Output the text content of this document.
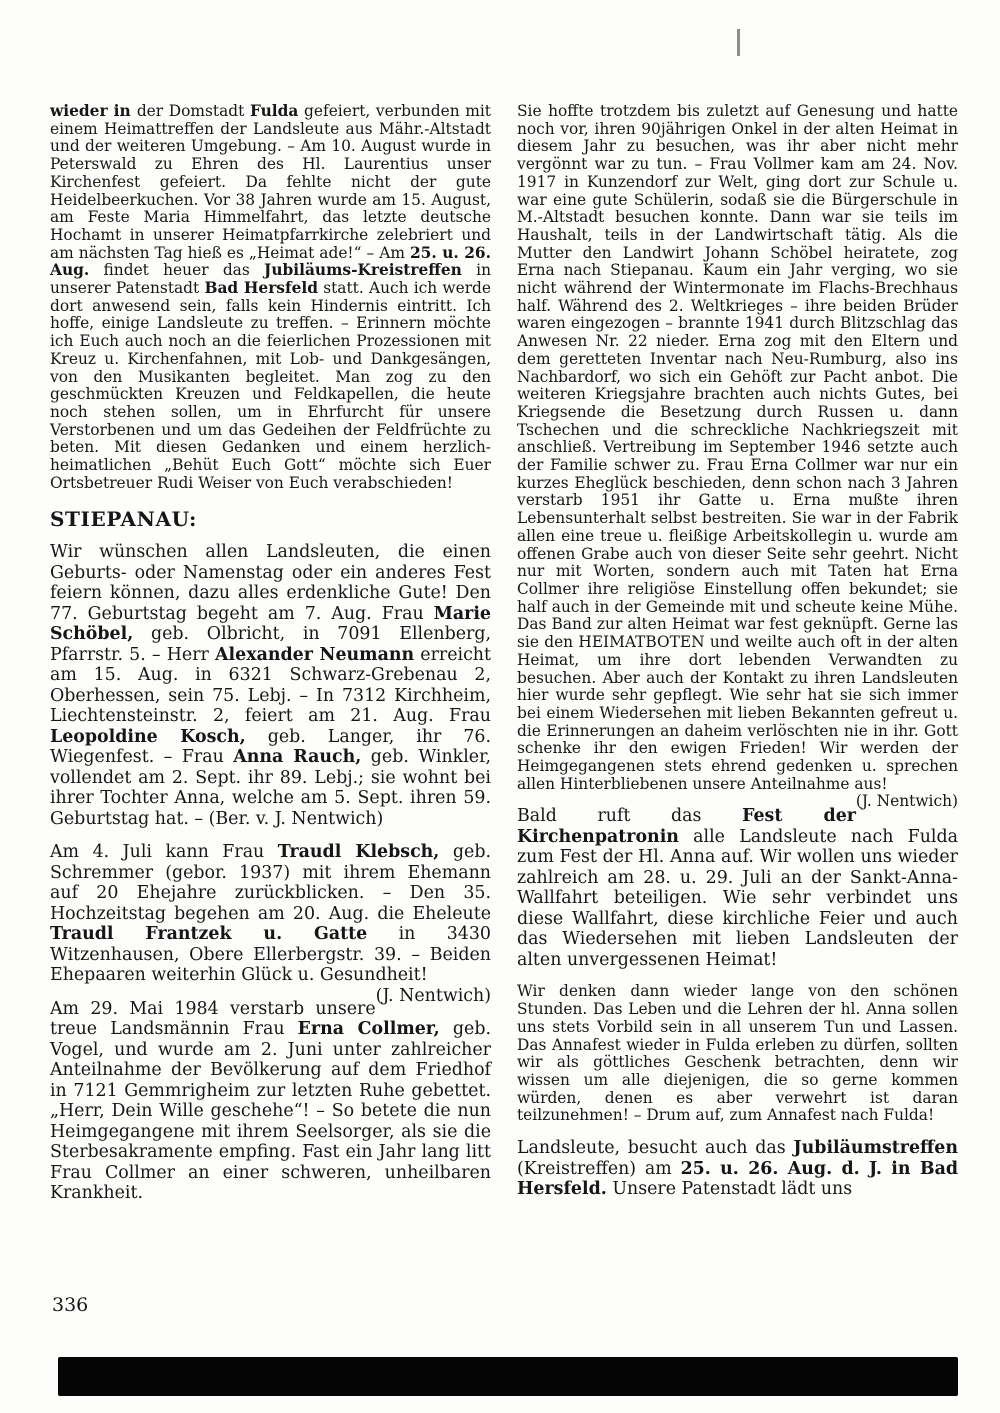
wieder in der Domstadt Fulda gefeiert, verbunden mit einem Heimattreffen der Landsleute aus Mähr.-Altstadt und der weiteren Umgebung. – Am 10. August wurde in Peterswald zu Ehren des Hl. Laurentius unser Kirchenfest gefeiert. Da fehlte nicht der gute Heidelbeerkuchen. Vor 38 Jahren wurde am 15. August, am Feste Maria Himmelfahrt, das letzte deutsche Hochamt in unserer Heimatpfarrkirche zelebriert und am nächsten Tag hieß es „Heimat ade!“ – Am 25. u. 26. Aug. findet heuer das Jubiläums-Kreistreffen in unserer Patenstadt Bad Hersfeld statt. Auch ich werde dort anwesend sein, falls kein Hindernis eintritt. Ich hoffe, einige Landsleute zu treffen. – Erinnern möchte ich Euch auch noch an die feierlichen Prozessionen mit Kreuz u. Kirchenfahnen, mit Lob- und Dankgesängen, von den Musikanten begleitet. Man zog zu den geschmückten Kreuzen und Feldkapellen, die heute noch stehen sollen, um in Ehrfurcht für unsere Verstorbenen und um das Gedeihen der Feldfrüchte zu beten. Mit diesen Gedanken und einem herzlich-heimatlichen „Behüt Euch Gott“ möchte sich Euer Ortsbetreuer Rudi Weiser von Euch verabschieden!

STIEPANAU:

Wir wünschen allen Landsleuten, die einen Geburts- oder Namenstag oder ein anderes Fest feiern können, dazu alles erdenkliche Gute! Den 77. Geburtstag begeht am 7. Aug. Frau Marie Schöbel, geb. Olbricht, in 7091 Ellenberg, Pfarrstr. 5. – Herr Alexander Neumann erreicht am 15. Aug. in 6321 Schwarz-Grebenau 2, Oberhessen, sein 75. Lebj. – In 7312 Kirchheim, Liechtensteinstr. 2, feiert am 21. Aug. Frau Leopoldine Kosch, geb. Langer, ihr 76. Wiegenfest. – Frau Anna Rauch, geb. Winkler, vollendet am 2. Sept. ihr 89. Lebj.; sie wohnt bei ihrer Tochter Anna, welche am 5. Sept. ihren 59. Geburtstag hat. – (Ber. v. J. Nentwich)

Am 4. Juli kann Frau Traudl Klebsch, geb. Schremmer (gebor. 1937) mit ihrem Ehemann auf 20 Ehejahre zurückblicken. – Den 35. Hochzeitstag begehen am 20. Aug. die Eheleute Traudl Frantzek u. Gatte in 3430 Witzenhausen, Obere Ellerbergstr. 39. – Beiden Ehepaaren weiterhin Glück u. Gesundheit!
(J. Nentwich)

Am 29. Mai 1984 verstarb unsere treue Landsmännin Frau Erna Collmer, geb. Vogel, und wurde am 2. Juni unter zahlreicher Anteilnahme der Bevölkerung auf dem Friedhof in 7121 Gemmrigheim zur letzten Ruhe gebettet. „Herr, Dein Wille geschehe“! – So betete die nun Heimgegangene mit ihrem Seelsorger, als sie die Sterbesakramente empfing. Fast ein Jahr lang litt Frau Collmer an einer schweren, unheilbaren Krankheit.

Sie hoffte trotzdem bis zuletzt auf Genesung und hatte noch vor, ihren 90jährigen Onkel in der alten Heimat in diesem Jahr zu besuchen, was ihr aber nicht mehr vergönnt war zu tun. – Frau Vollmer kam am 24. Nov. 1917 in Kunzendorf zur Welt, ging dort zur Schule u. war eine gute Schülerin, sodaß sie die Bürgerschule in M.-Altstadt besuchen konnte. Dann war sie teils im Haushalt, teils in der Landwirtschaft tätig. Als die Mutter den Landwirt Johann Schöbel heiratete, zog Erna nach Stiepanau. Kaum ein Jahr verging, wo sie nicht während der Wintermonate im Flachs-Brechhaus half. Während des 2. Weltkrieges – ihre beiden Brüder waren eingezogen – brannte 1941 durch Blitzschlag das Anwesen Nr. 22 nieder. Erna zog mit den Eltern und dem geretteten Inventar nach Neu-Rumburg, also ins Nachbardorf, wo sich ein Gehöft zur Pacht anbot. Die weiteren Kriegsjahre brachten auch nichts Gutes, bei Kriegsende die Besetzung durch Russen u. dann Tschechen und die schreckliche Nachkriegszeit mit anschließ. Vertreibung im September 1946 setzte auch der Familie schwer zu. Frau Erna Collmer war nur ein kurzes Eheglück beschieden, denn schon nach 3 Jahren verstarb 1951 ihr Gatte u. Erna mußte ihren Lebensunterhalt selbst bestreiten. Sie war in der Fabrik allen eine treue u. fleißige Arbeitskollegin u. wurde am offenen Grabe auch von dieser Seite sehr geehrt. Nicht nur mit Worten, sondern auch mit Taten hat Erna Collmer ihre religiöse Einstellung offen bekundet; sie half auch in der Gemeinde mit und scheute keine Mühe. Das Band zur alten Heimat war fest geknüpft. Gerne las sie den HEIMATBOTEN und weilte auch oft in der alten Heimat, um ihre dort lebenden Verwandten zu besuchen. Aber auch der Kontakt zu ihren Landsleuten hier wurde sehr gepflegt. Wie sehr hat sie sich immer bei einem Wiedersehen mit lieben Bekannten gefreut u. die Erinnerungen an daheim verlöschten nie in ihr. Gott schenke ihr den ewigen Frieden! Wir werden der Heimgegangenen stets ehrend gedenken u. sprechen allen Hinterbliebenen unsere Anteilnahme aus!
(J. Nentwich)

Bald ruft das Fest der Kirchenpatronin alle Landsleute nach Fulda zum Fest der Hl. Anna auf. Wir wollen uns wieder zahlreich am 28. u. 29. Juli an der Sankt-Anna-Wallfahrt beteiligen. Wie sehr verbindet uns diese Wallfahrt, diese kirchliche Feier und auch das Wiedersehen mit lieben Landsleuten der alten unvergessenen Heimat!

Wir denken dann wieder lange von den schönen Stunden. Das Leben und die Lehren der hl. Anna sollen uns stets Vorbild sein in all unserem Tun und Lassen. Das Annafest wieder in Fulda erleben zu dürfen, sollten wir als göttliches Geschenk betrachten, denn wir wissen um alle diejenigen, die so gerne kommen würden, denen es aber verwehrt ist daran teilzunehmen! – Drum auf, zum Annafest nach Fulda!

Landsleute, besucht auch das Jubiläumstreffen (Kreistreffen) am 25. u. 26. Aug. d. J. in Bad Hersfeld. Unsere Patenstadt lädt uns

336
